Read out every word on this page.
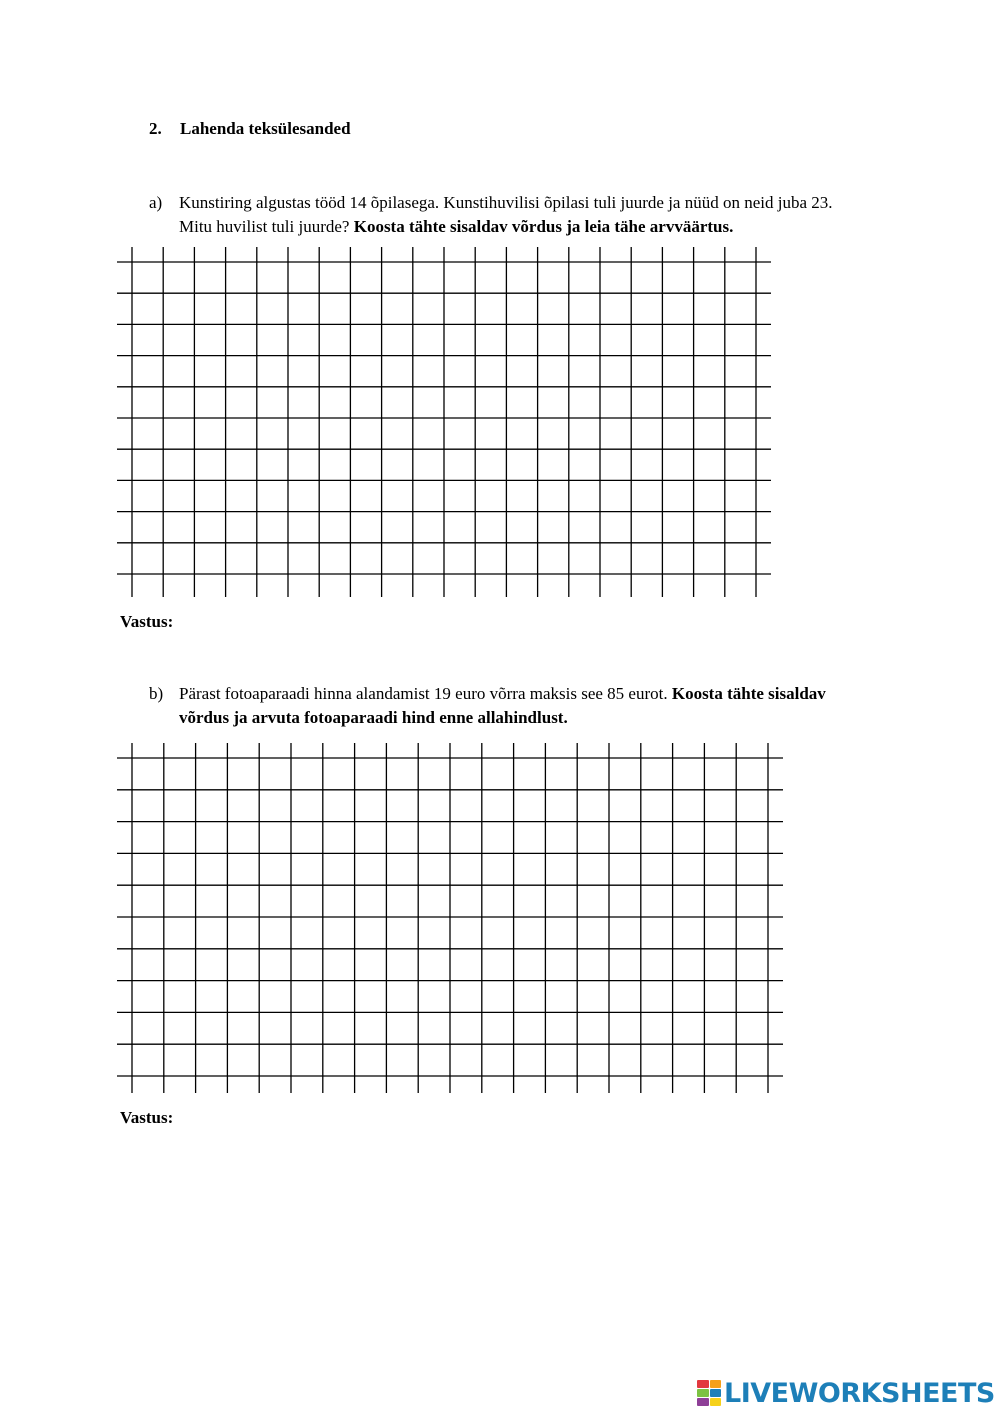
2. Lahenda teksülesanded
a) Kunstiring algustas tööd 14 õpilasega. Kunstihuvilisi õpilasi tuli juurde ja nüüd on neid juba 23. Mitu huvilist tuli juurde? Koosta tähte sisaldav võrdus ja leia tähe arvväärtus.
Vastus:
b) Pärast fotoaparaadi hinna alandamist 19 euro võrra maksis see 85 eurot. Koosta tähte sisaldav võrdus ja arvuta fotoaparaadi hind enne allahindlust.
Vastus:
LIVEWORKSHEETS
